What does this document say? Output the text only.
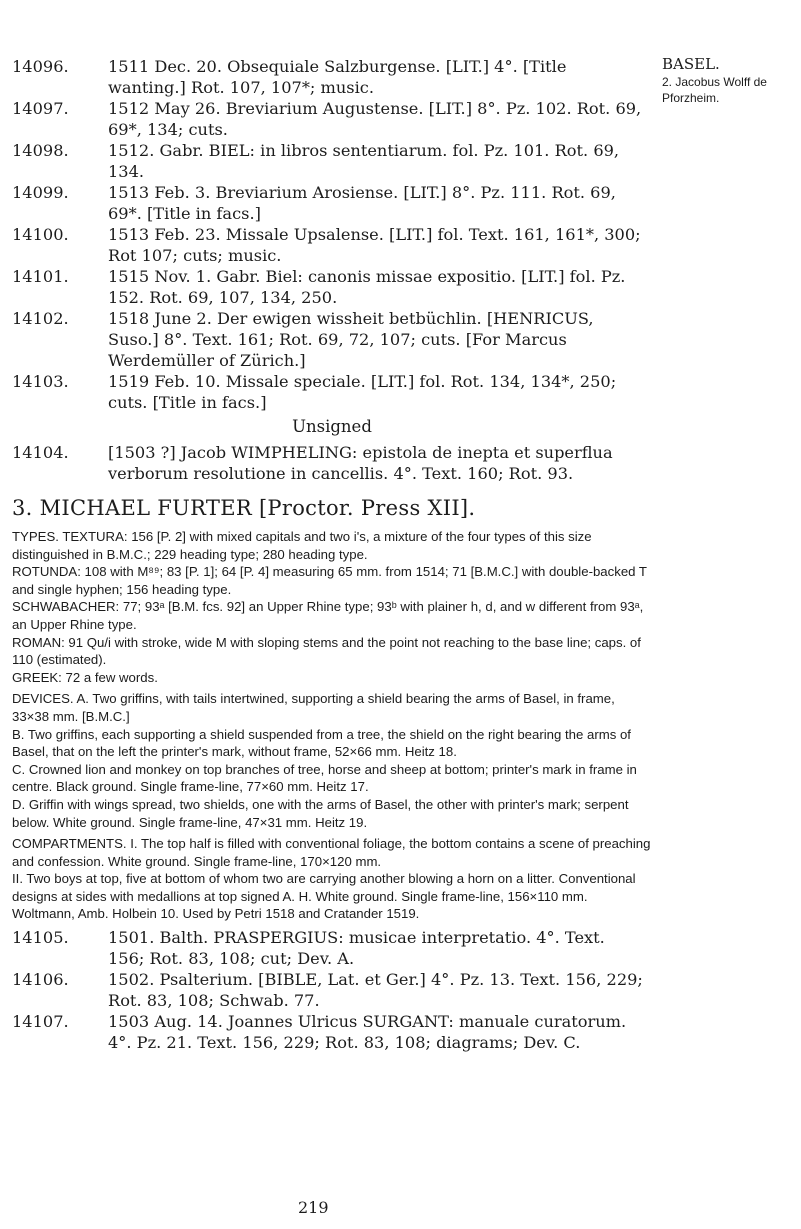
BASEL.
2. Jacobus Wolff de Pforzheim.
14096. 1511 Dec. 20. Obsequiale Salzburgense. [LIT.] 4°. [Title wanting.] Rot. 107, 107*; music.
14097. 1512 May 26. Breviarium Augustense. [LIT.] 8°. Pz. 102. Rot. 69, 69*, 134; cuts.
14098. 1512. Gabr. BIEL: in libros sententiarum. fol. Pz. 101. Rot. 69, 134.
14099. 1513 Feb. 3. Breviarium Arosiense. [LIT.] 8°. Pz. 111. Rot. 69, 69*. [Title in facs.]
14100. 1513 Feb. 23. Missale Upsalense. [LIT.] fol. Text. 161, 161*, 300; Rot 107; cuts; music.
14101. 1515 Nov. 1. Gabr. Biel: canonis missae expositio. [LIT.] fol. Pz. 152. Rot. 69, 107, 134, 250.
14102. 1518 June 2. Der ewigen wissheit betbüchlin. [HENRICUS, Suso.] 8°. Text. 161; Rot. 69, 72, 107; cuts. [For Marcus Werdemüller of Zürich.]
14103. 1519 Feb. 10. Missale speciale. [LIT.] fol. Rot. 134, 134*, 250; cuts. [Title in facs.]
Unsigned
14104. [1503 ?] Jacob WIMPHELING: epistola de inepta et superflua verborum resolutione in cancellis. 4°. Text. 160; Rot. 93.
3. MICHAEL FURTER [Proctor. Press XII].

TYPES. TEXTURA: 156 [P. 2] with mixed capitals and two i's, a mixture of the four types of this size distinguished in B.M.C.; 229 heading type; 280 heading type.

ROTUNDA: 108 with M⁸⁹; 83 [P. 1]; 64 [P. 4] measuring 65 mm. from 1514; 71 [B.M.C.] with double-backed T and single hyphen; 156 heading type.

SCHWABACHER: 77; 93ᵃ [B.M. fcs. 92] an Upper Rhine type; 93ᵇ with plainer h, d, and w different from 93ᵃ, an Upper Rhine type.

ROMAN: 91 Qu/i with stroke, wide M with sloping stems and the point not reaching to the base line; caps. of 110 (estimated).

GREEK: 72 a few words.

DEVICES. A. Two griffins, with tails intertwined, supporting a shield bearing the arms of Basel, in frame, 33×38 mm. [B.M.C.]

B. Two griffins, each supporting a shield suspended from a tree, the shield on the right bearing the arms of Basel, that on the left the printer's mark, without frame, 52×66 mm. Heitz 18.

C. Crowned lion and monkey on top branches of tree, horse and sheep at bottom; printer's mark in frame in centre. Black ground. Single frame-line, 77×60 mm. Heitz 17.

D. Griffin with wings spread, two shields, one with the arms of Basel, the other with printer's mark; serpent below. White ground. Single frame-line, 47×31 mm. Heitz 19.

COMPARTMENTS. I. The top half is filled with conventional foliage, the bottom contains a scene of preaching and confession. White ground. Single frame-line, 170×120 mm.

II. Two boys at top, five at bottom of whom two are carrying another blowing a horn on a litter. Conventional designs at sides with medallions at top signed A. H. White ground. Single frame-line, 156×110 mm. Woltmann, Amb. Holbein 10. Used by Petri 1518 and Cratander 1519.

14105. 1501. Balth. PRASPERGIUS: musicae interpretatio. 4°. Text. 156; Rot. 83, 108; cut; Dev. A.
14106. 1502. Psalterium. [BIBLE, Lat. et Ger.] 4°. Pz. 13. Text. 156, 229; Rot. 83, 108; Schwab. 77.
14107. 1503 Aug. 14. Joannes Ulricus SURGANT: manuale curatorum. 4°. Pz. 21. Text. 156, 229; Rot. 83, 108; diagrams; Dev. C.
219
